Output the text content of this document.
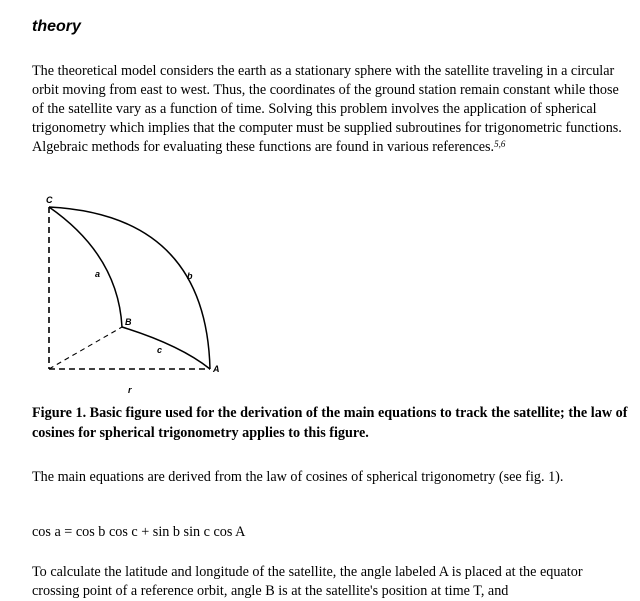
theory
The theoretical model considers the earth as a stationary sphere with the satellite traveling in a circular orbit moving from east to west. Thus, the coordinates of the ground station remain constant while those of the satellite vary as a function of time. Solving this problem involves the application of spherical trigonometry which implies that the computer must be supplied subroutines for trigonometric functions. Algebraic methods for evaluating these functions are found in various references.$^{5,6}$
C
a	b
B
c
A
r
Figure 1. Basic figure used for the derivation of the main equations to track the satellite; the law of cosines for spherical trigonometry applies to this figure.
The main equations are derived from the law of cosines of spherical trigonometry (see fig. 1).
cos a = cos b cos c + sin b sin c cos A
To calculate the latitude and longitude of the satellite, the angle labeled A is placed at the equator crossing point of a reference orbit, angle B is at the satellite's position at time T, and
